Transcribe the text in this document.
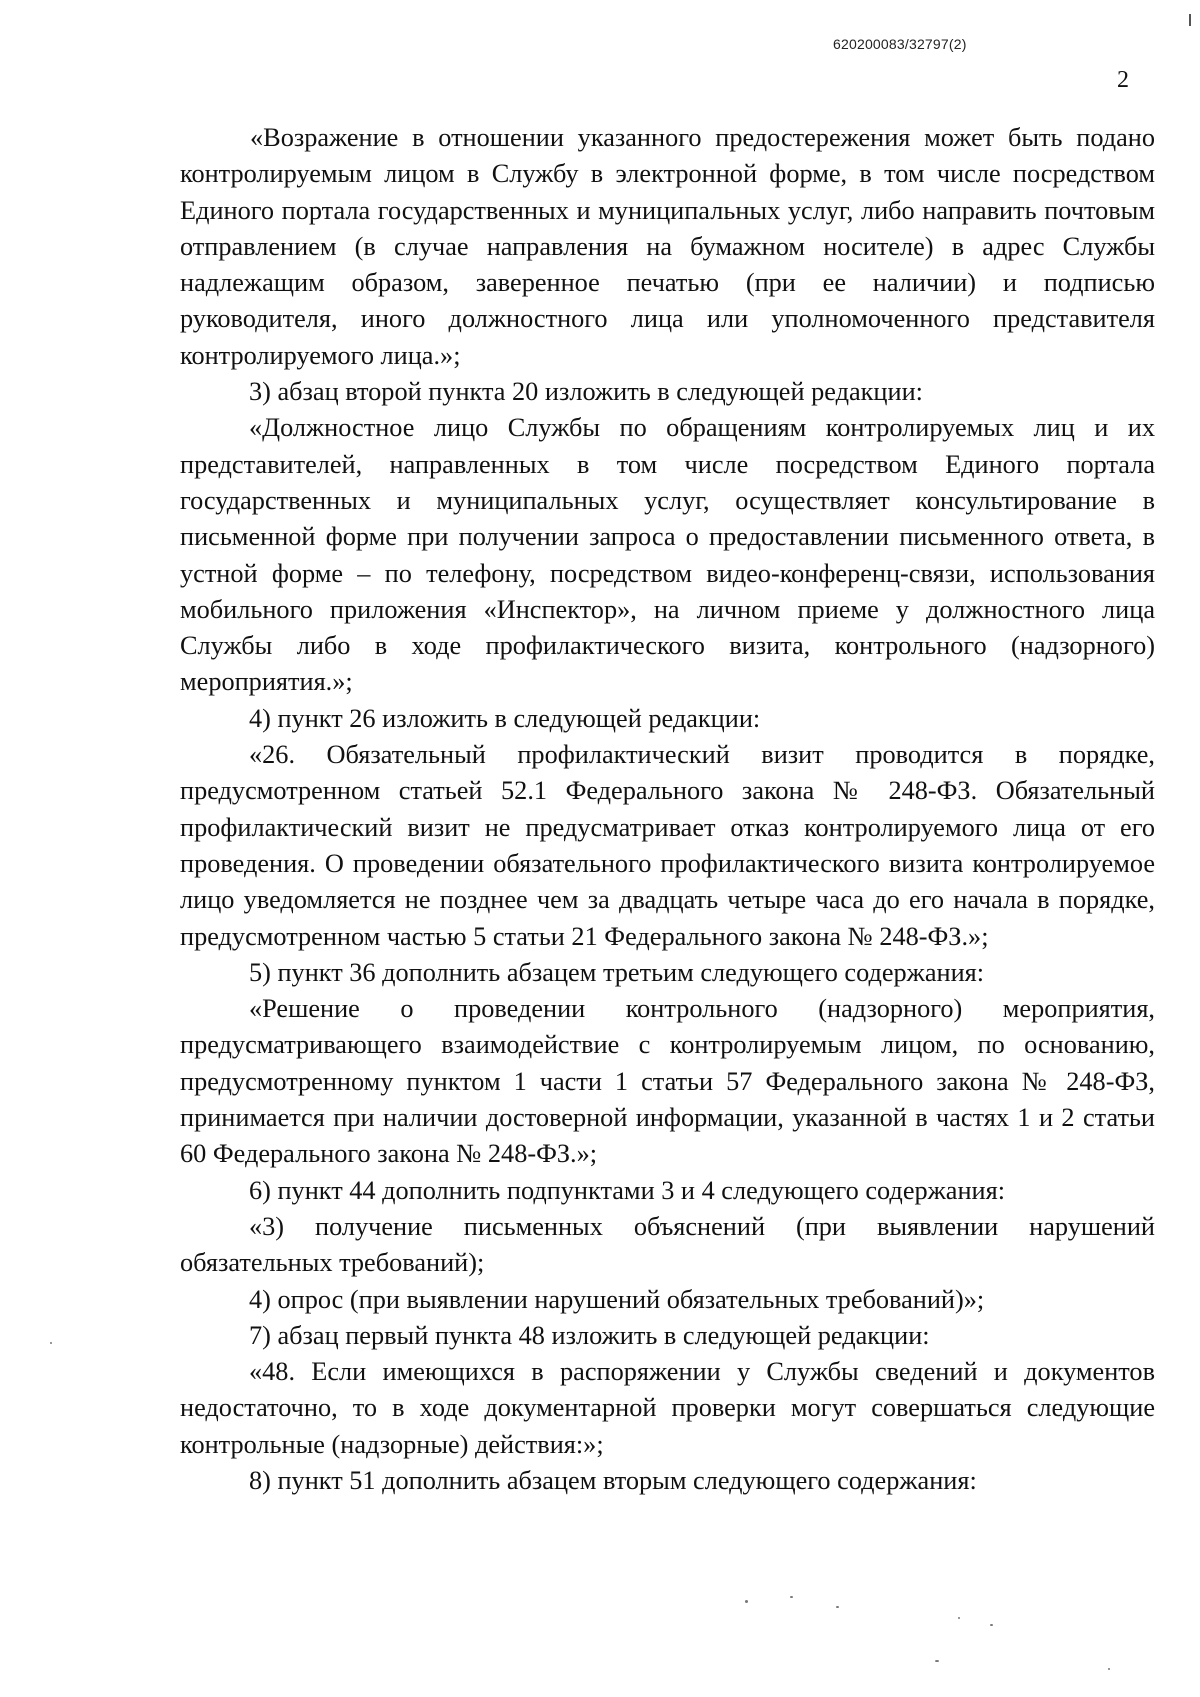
620200083/32797(2)
2

«Возражение в отношении указанного предостережения может быть подано контролируемым лицом в Службу в электронной форме, в том числе посредством Единого портала государственных и муниципальных услуг, либо направить почтовым отправлением (в случае направления на бумажном носителе) в адрес Службы надлежащим образом, заверенное печатью (при ее наличии) и подписью руководителя, иного должностного лица или уполномоченного представителя контролируемого лица.»;

3) абзац второй пункта 20 изложить в следующей редакции:

«Должностное лицо Службы по обращениям контролируемых лиц и их представителей, направленных в том числе посредством Единого портала государственных и муниципальных услуг, осуществляет консультирование в письменной форме при получении запроса о предоставлении письменного ответа, в устной форме – по телефону, посредством видео-конференц-связи, использования мобильного приложения «Инспектор», на личном приеме у должностного лица Службы либо в ходе профилактического визита, контрольного (надзорного) мероприятия.»;

4) пункт 26 изложить в следующей редакции:

«26. Обязательный профилактический визит проводится в порядке, предусмотренном статьей 52.1 Федерального закона № 248-ФЗ. Обязательный профилактический визит не предусматривает отказ контролируемого лица от его проведения. О проведении обязательного профилактического визита контролируемое лицо уведомляется не позднее чем за двадцать четыре часа до его начала в порядке, предусмотренном частью 5 статьи 21 Федерального закона № 248-ФЗ.»;

5) пункт 36 дополнить абзацем третьим следующего содержания:

«Решение о проведении контрольного (надзорного) мероприятия, предусматривающего взаимодействие с контролируемым лицом, по основанию, предусмотренному пунктом 1 части 1 статьи 57 Федерального закона № 248-ФЗ, принимается при наличии достоверной информации, указанной в частях 1 и 2 статьи 60 Федерального закона № 248-ФЗ.»;

6) пункт 44 дополнить подпунктами 3 и 4 следующего содержания:

«3) получение письменных объяснений (при выявлении нарушений обязательных требований);

4) опрос (при выявлении нарушений обязательных требований)»;

7) абзац первый пункта 48 изложить в следующей редакции:

«48. Если имеющихся в распоряжении у Службы сведений и документов недостаточно, то в ходе документарной проверки могут совершаться следующие контрольные (надзорные) действия:»;

8) пункт 51 дополнить абзацем вторым следующего содержания:
